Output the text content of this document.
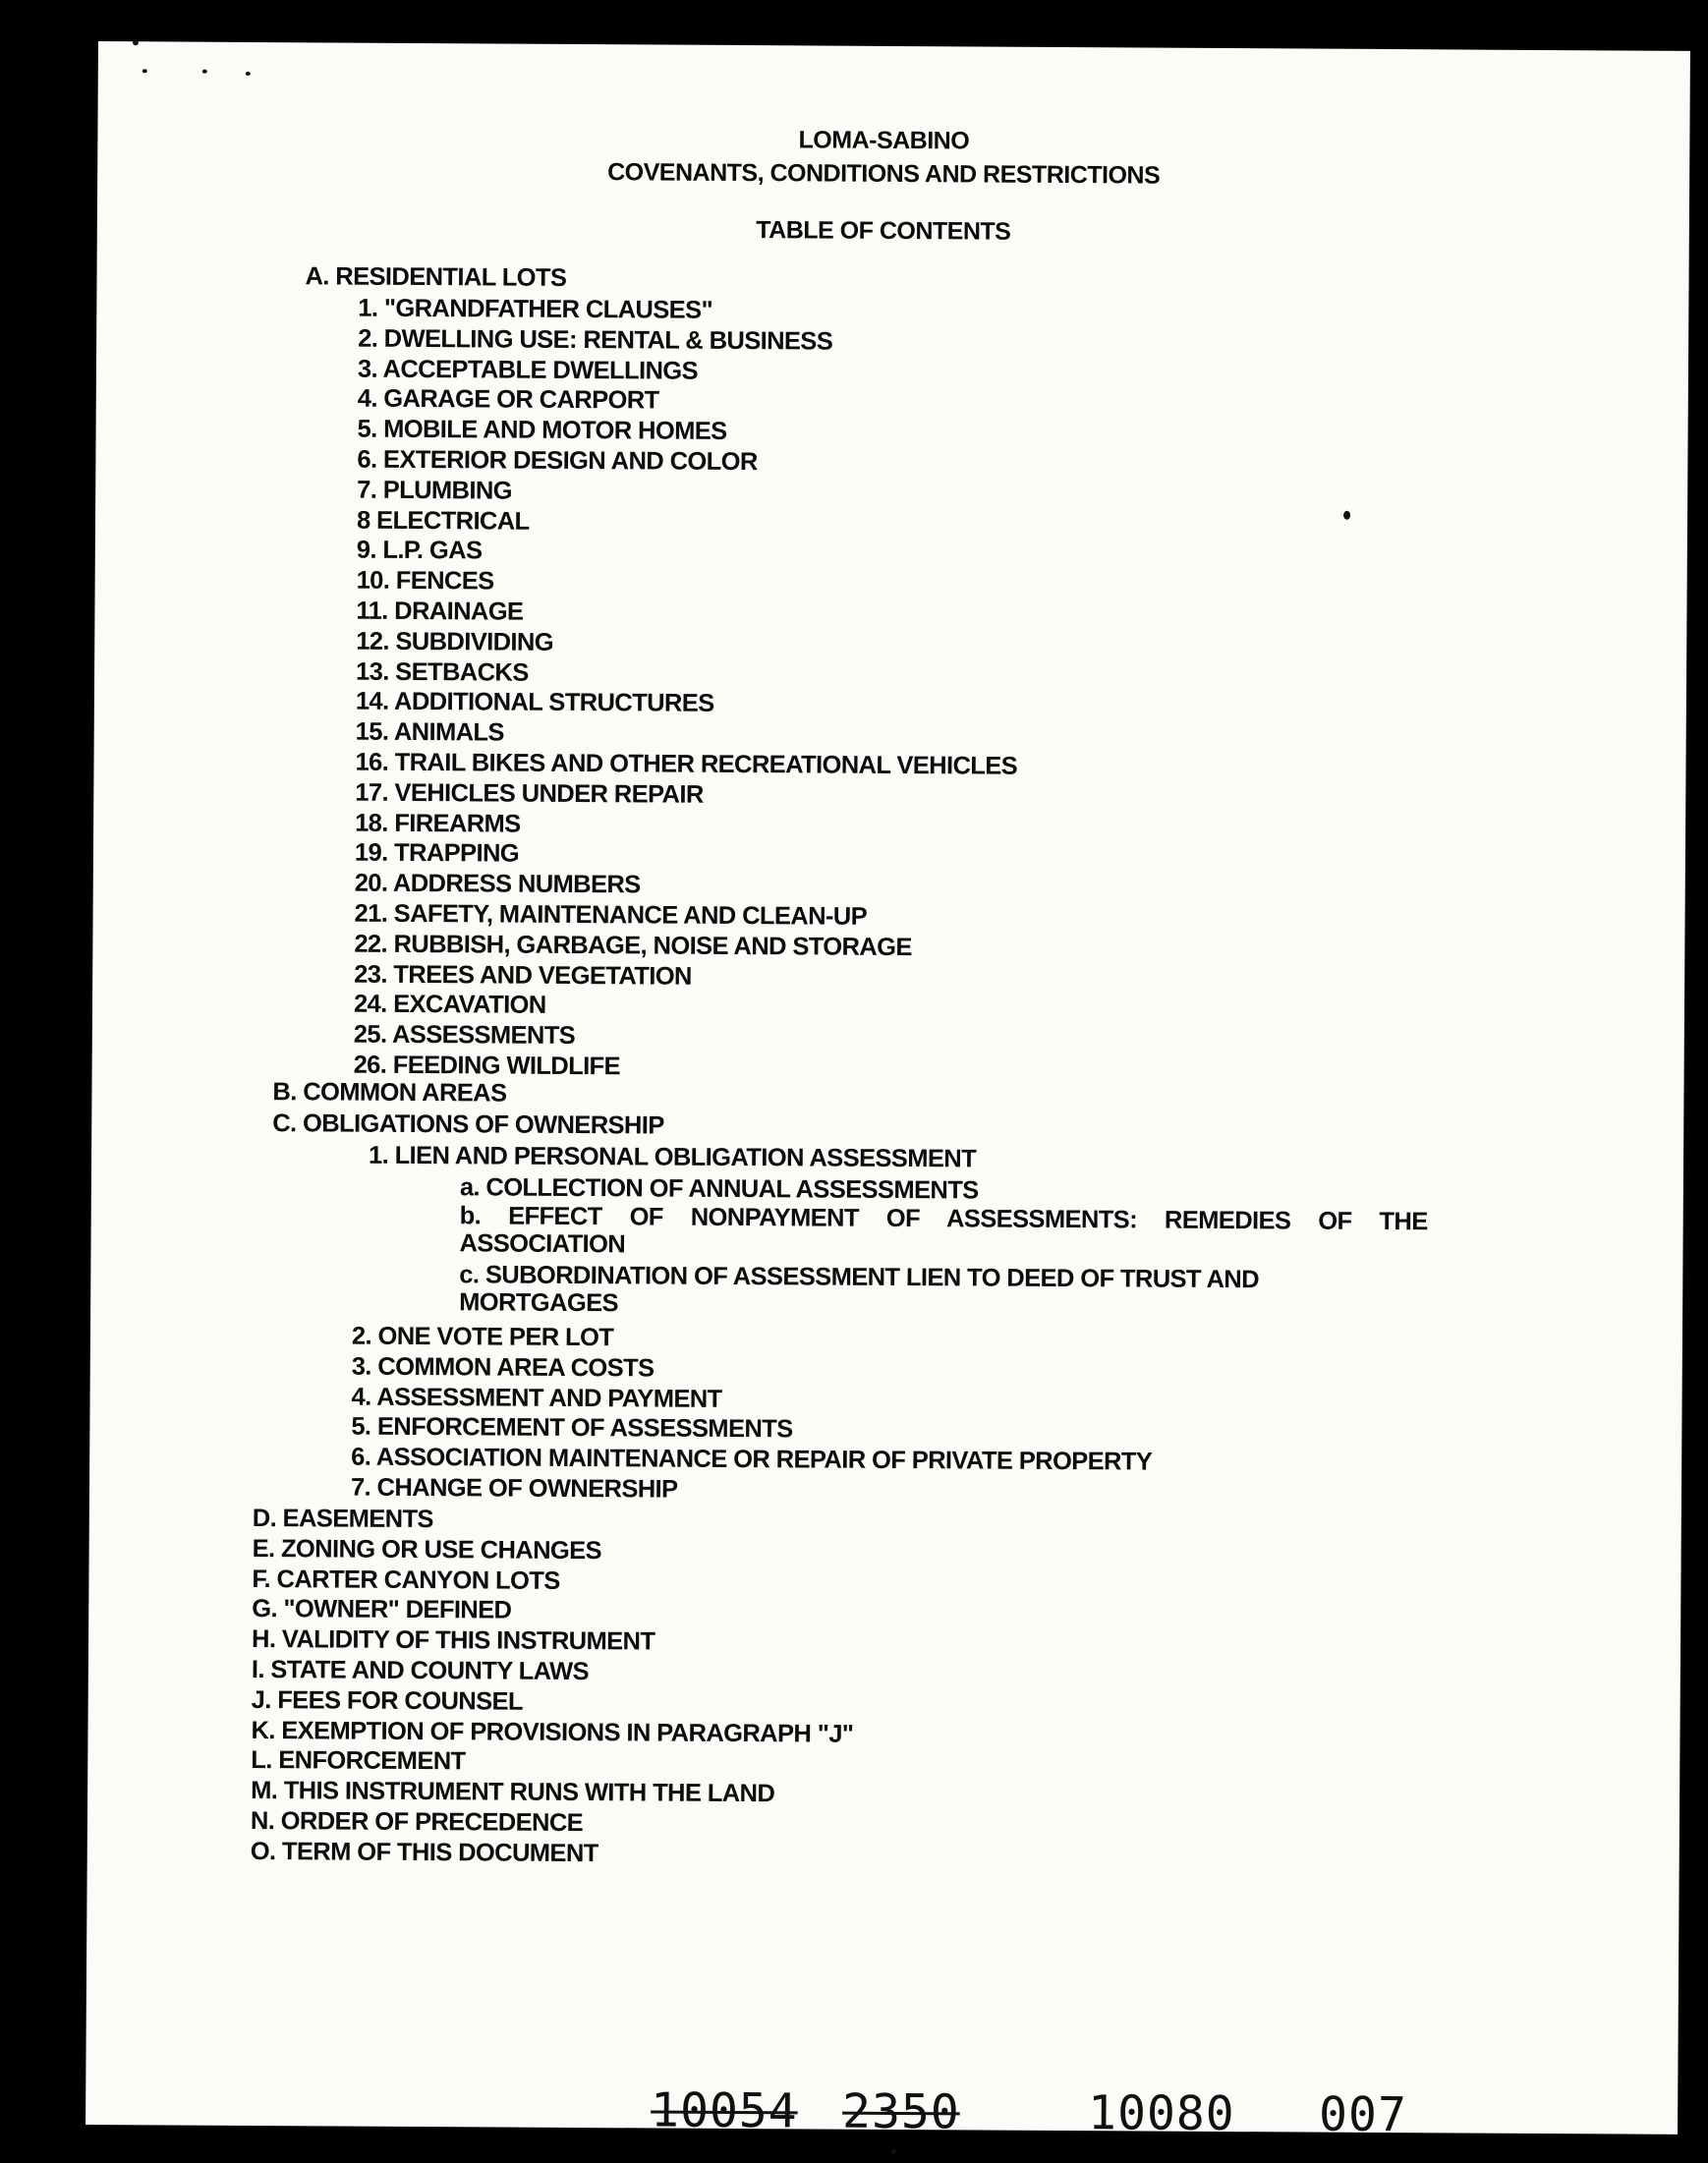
LOMA-SABINO
COVENANTS, CONDITIONS AND RESTRICTIONS
TABLE OF CONTENTS
A. RESIDENTIAL LOTS
1. "GRANDFATHER CLAUSES"
2. DWELLING USE: RENTAL & BUSINESS
3. ACCEPTABLE DWELLINGS
4. GARAGE OR CARPORT
5. MOBILE AND MOTOR HOMES
6. EXTERIOR DESIGN AND COLOR
7. PLUMBING
8 ELECTRICAL
9. L.P. GAS
10. FENCES
11. DRAINAGE
12. SUBDIVIDING
13. SETBACKS
14. ADDITIONAL STRUCTURES
15. ANIMALS
16. TRAIL BIKES AND OTHER RECREATIONAL VEHICLES
17. VEHICLES UNDER REPAIR
18. FIREARMS
19. TRAPPING
20. ADDRESS NUMBERS
21. SAFETY, MAINTENANCE AND CLEAN-UP
22. RUBBISH, GARBAGE, NOISE AND STORAGE
23. TREES AND VEGETATION
24. EXCAVATION
25. ASSESSMENTS
26. FEEDING WILDLIFE
B. COMMON AREAS
C. OBLIGATIONS OF OWNERSHIP
1. LIEN AND PERSONAL OBLIGATION ASSESSMENT
a. COLLECTION OF ANNUAL ASSESSMENTS
b. EFFECT OF NONPAYMENT OF ASSESSMENTS: REMEDIES OF THE ASSOCIATION
c. SUBORDINATION OF ASSESSMENT LIEN TO DEED OF TRUST AND MORTGAGES
2. ONE VOTE PER LOT
3. COMMON AREA COSTS
4. ASSESSMENT AND PAYMENT
5. ENFORCEMENT OF ASSESSMENTS
6. ASSOCIATION MAINTENANCE OR REPAIR OF PRIVATE PROPERTY
7. CHANGE OF OWNERSHIP
D. EASEMENTS
E. ZONING OR USE CHANGES
F. CARTER CANYON LOTS
G. "OWNER" DEFINED
H. VALIDITY OF THIS INSTRUMENT
I. STATE AND COUNTY LAWS
J. FEES FOR COUNSEL
K. EXEMPTION OF PROVISIONS IN PARAGRAPH "J"
L. ENFORCEMENT
M. THIS INSTRUMENT RUNS WITH THE LAND
N. ORDER OF PRECEDENCE
O. TERM OF THIS DOCUMENT
10054 2350	10080 007
